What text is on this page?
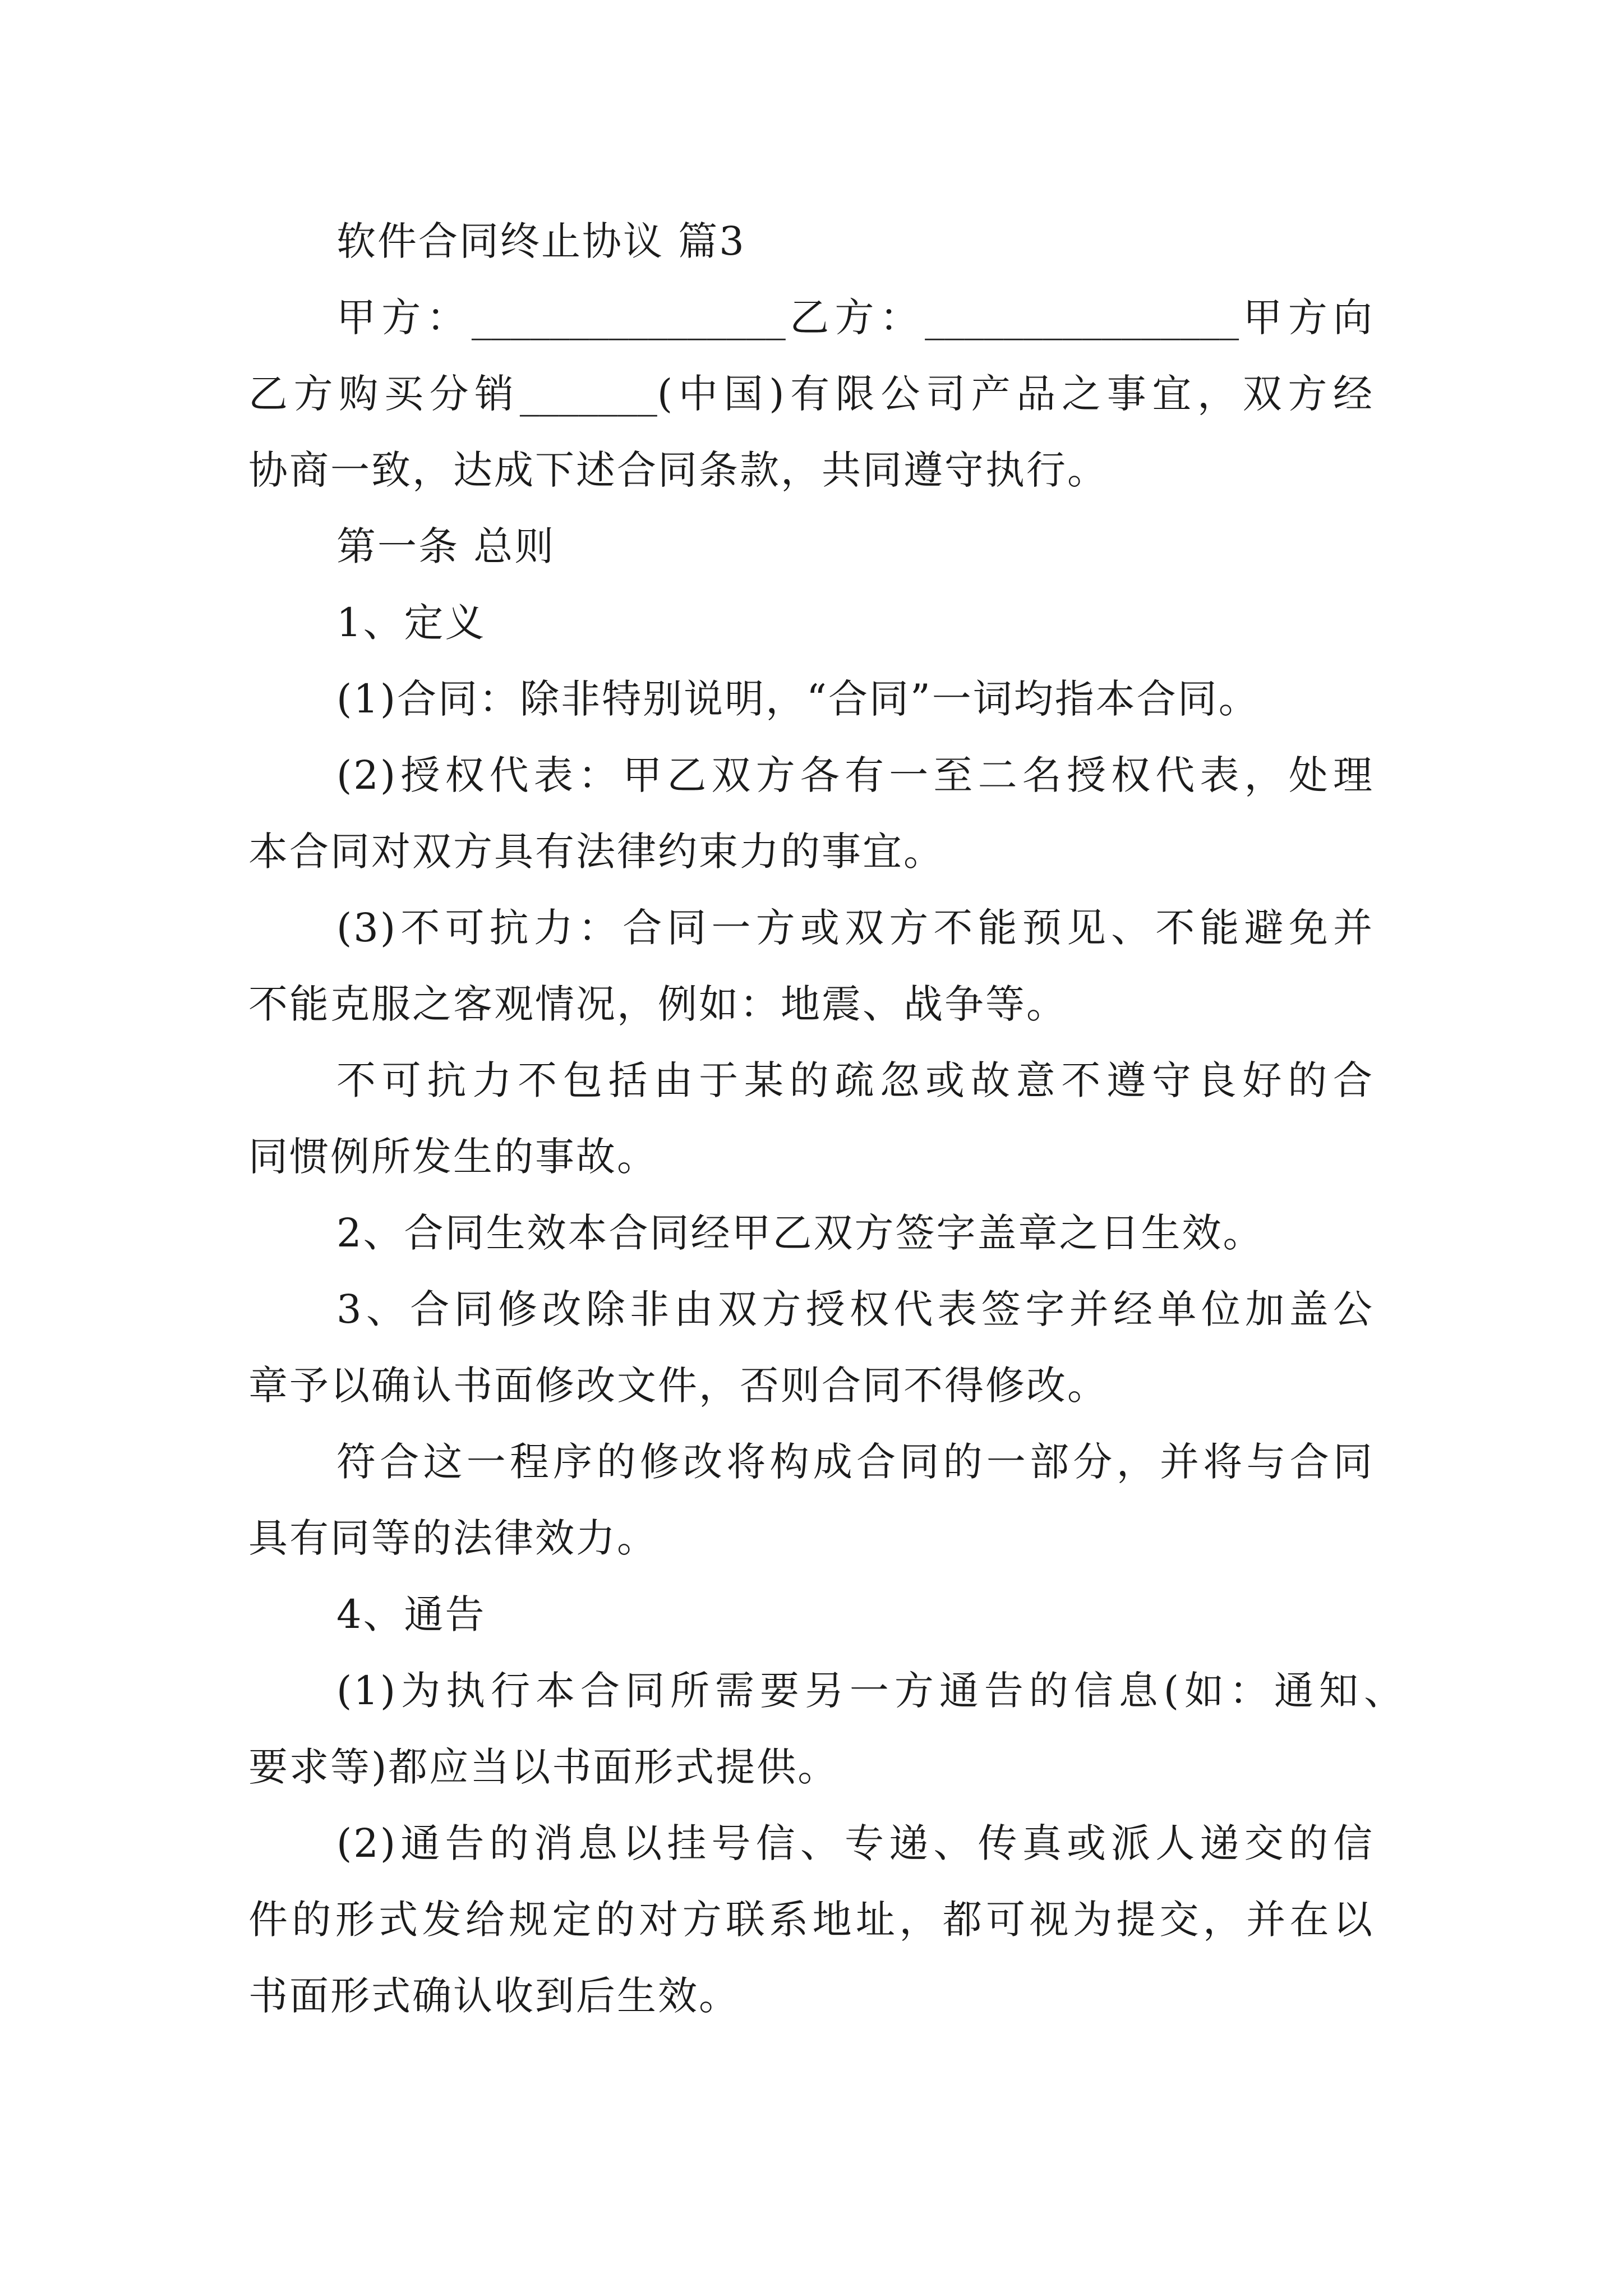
软件合同终止协议 篇3
甲方：________________乙方：________________甲方向
乙方购买分销_______(中国)有限公司产品之事宜，双方经
协商一致，达成下述合同条款，共同遵守执行。
第一条 总则
1、定义
(1)合同：除非特别说明，“合同”一词均指本合同。
(2)授权代表：甲乙双方各有一至二名授权代表，处理
本合同对双方具有法律约束力的事宜。
(3)不可抗力：合同一方或双方不能预见、不能避免并
不能克服之客观情况，例如：地震、战争等。
不可抗力不包括由于某的疏忽或故意不遵守良好的合
同惯例所发生的事故。
2、合同生效本合同经甲乙双方签字盖章之日生效。
3、合同修改除非由双方授权代表签字并经单位加盖公
章予以确认书面修改文件，否则合同不得修改。
符合这一程序的修改将构成合同的一部分，并将与合同
具有同等的法律效力。
4、通告
(1)为执行本合同所需要另一方通告的信息(如：通知、
要求等)都应当以书面形式提供。
(2)通告的消息以挂号信、专递、传真或派人递交的信
件的形式发给规定的对方联系地址，都可视为提交，并在以
书面形式确认收到后生效。
